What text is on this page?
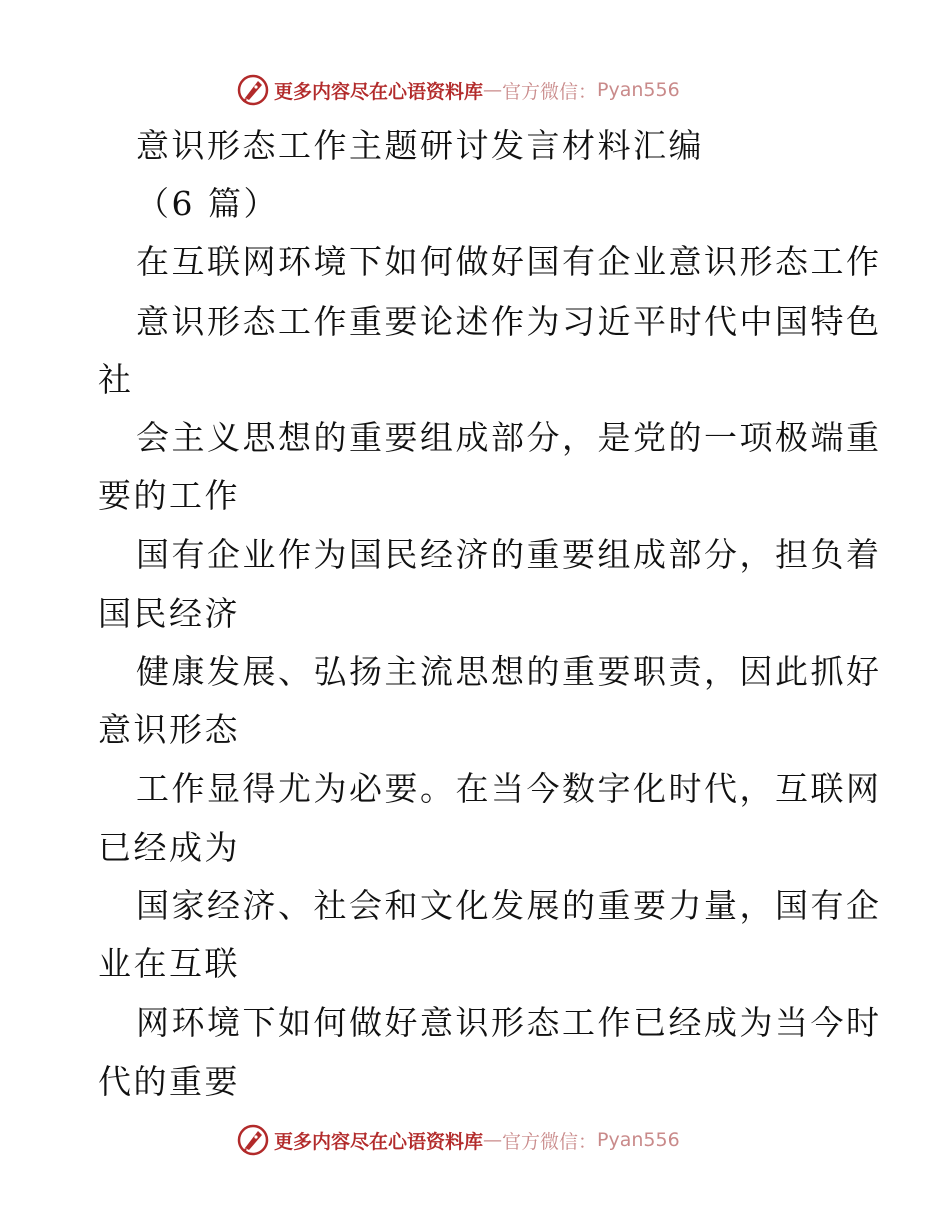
更多内容尽在心语资料库 — 官方微信： Pyan556
意识形态工作主题研讨发言材料汇编
（6 篇）
在互联网环境下如何做好国有企业意识形态工作
意识形态工作重要论述作为习近平时代中国特色
社
会主义思想的重要组成部分，是党的一项极端重
要的工作
国有企业作为国民经济的重要组成部分，担负着
国民经济
健康发展、弘扬主流思想的重要职责，因此抓好
意识形态
工作显得尤为必要。在当今数字化时代，互联网
已经成为
国家经济、社会和文化发展的重要力量，国有企
业在互联
网环境下如何做好意识形态工作已经成为当今时
代的重要
更多内容尽在心语资料库 — 官方微信： Pyan556
